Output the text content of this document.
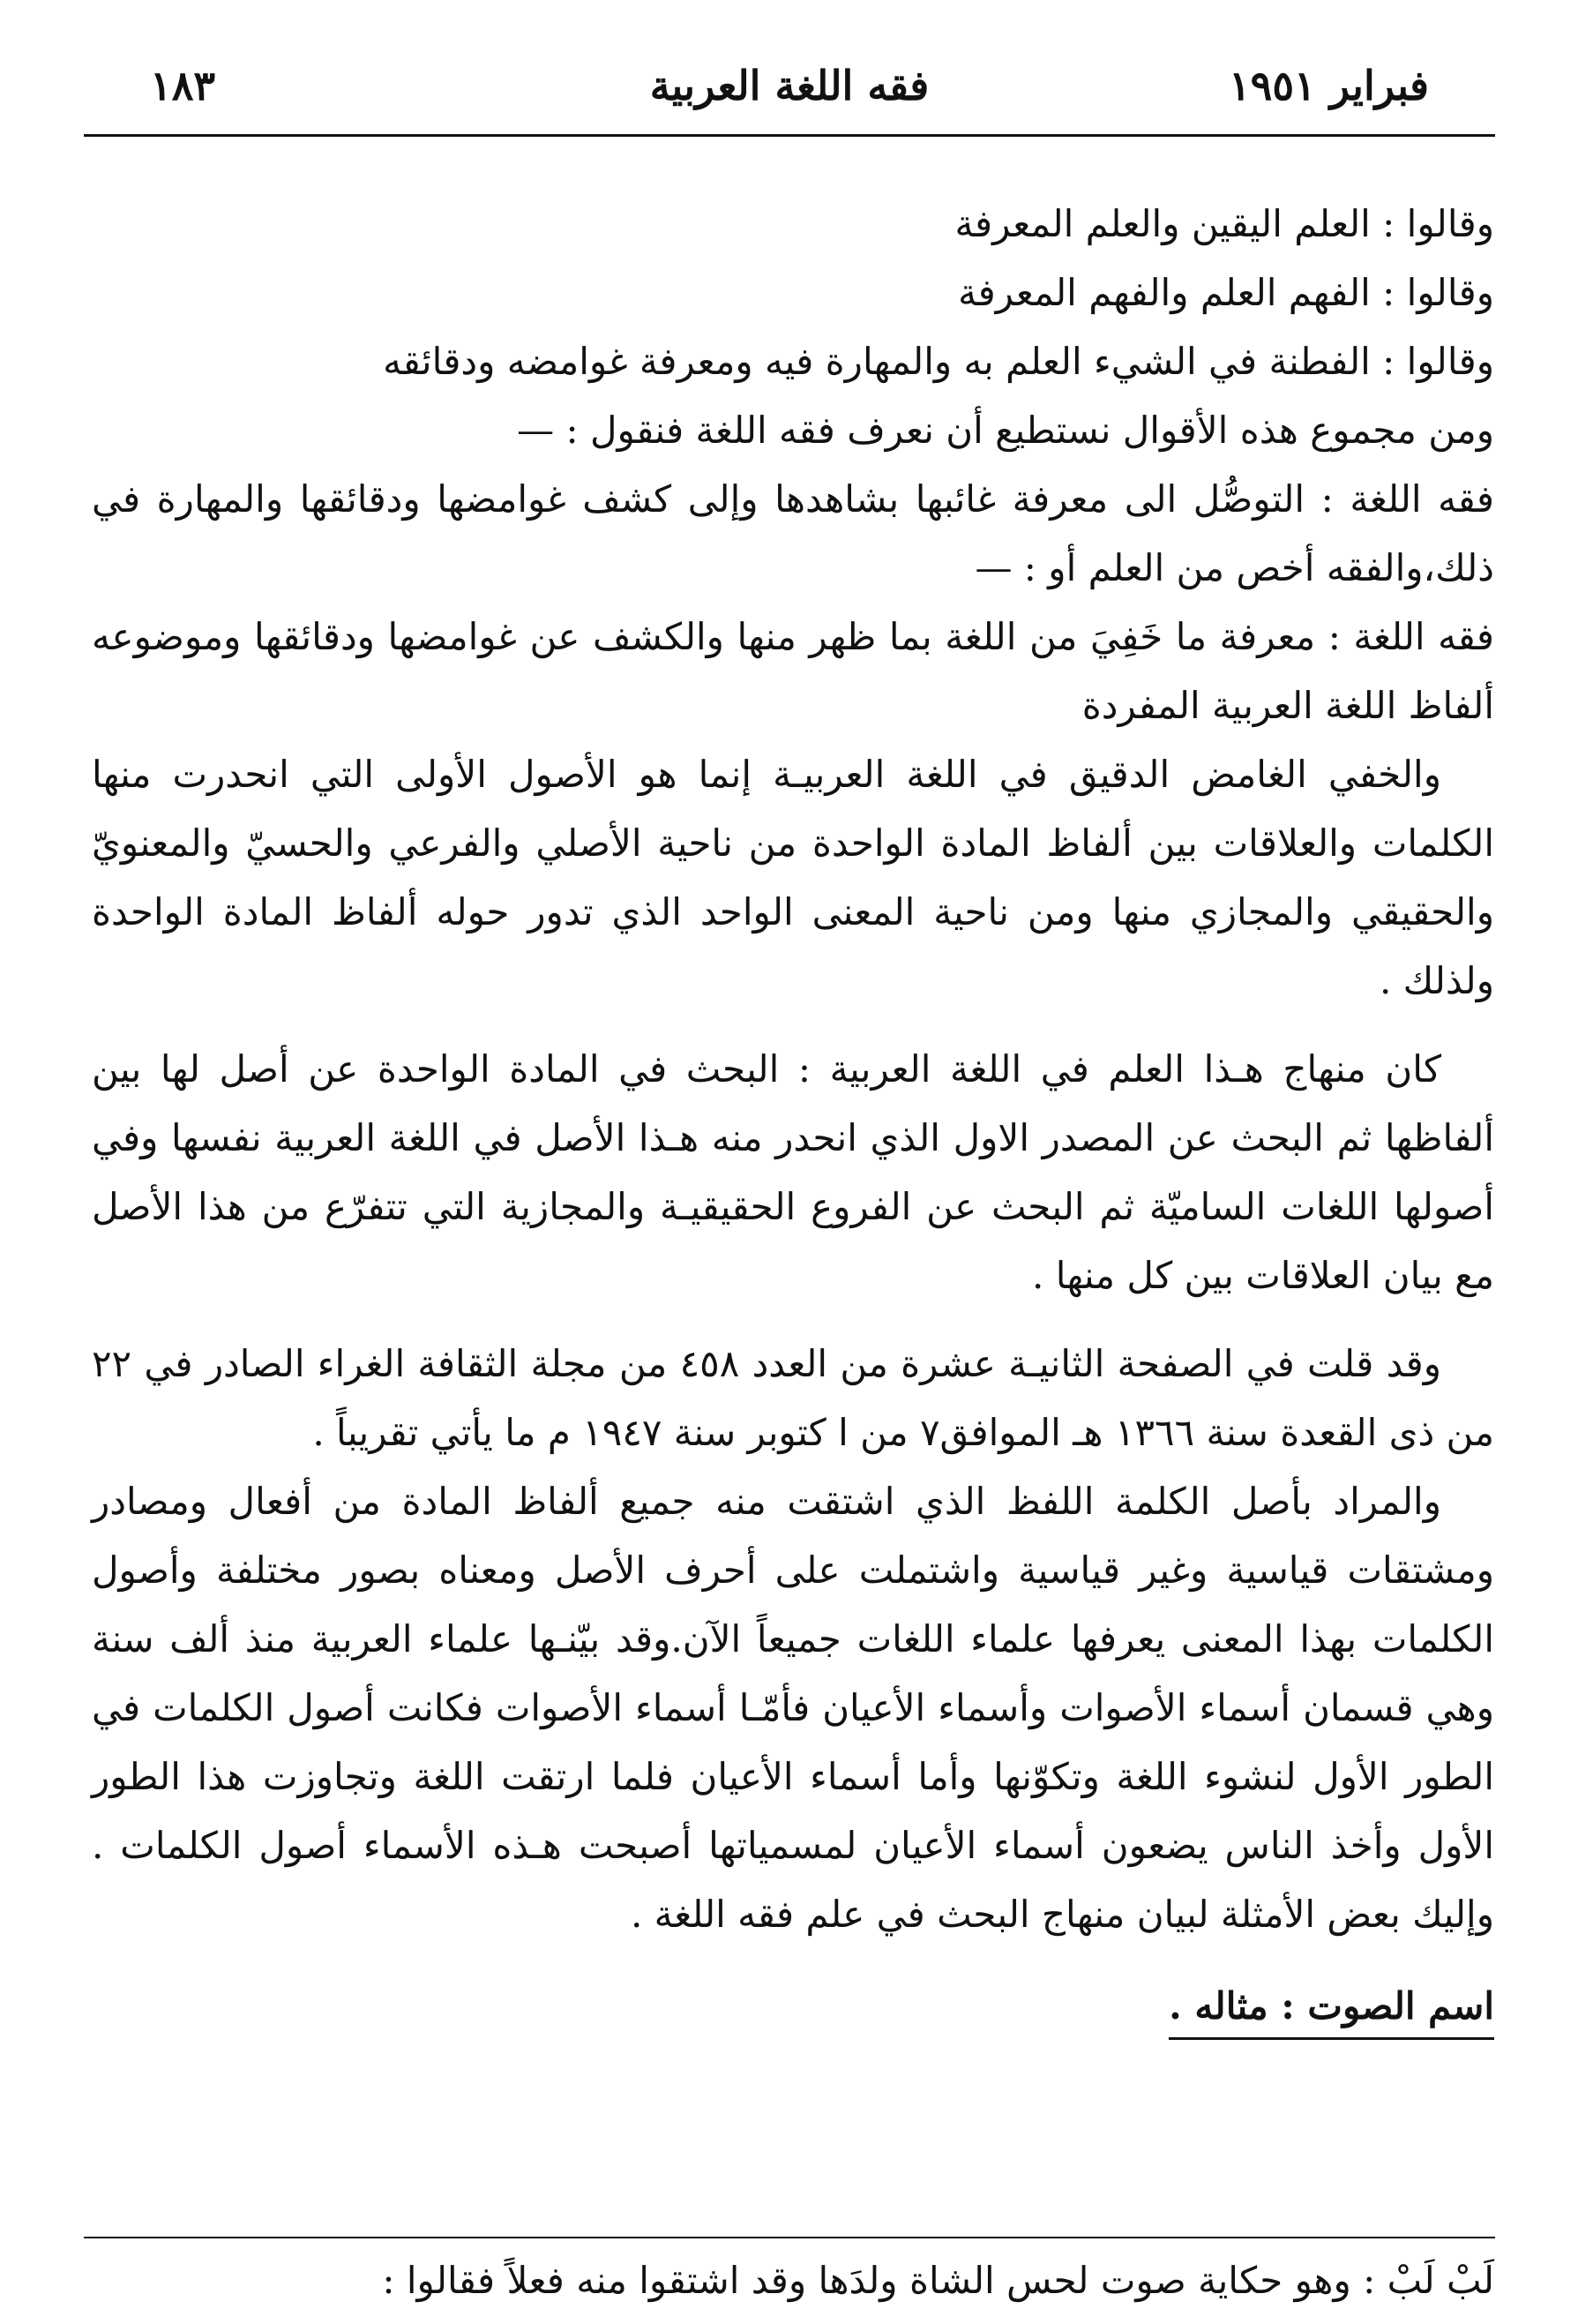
فبراير ١٩٥١
فقه اللغة العربية
١٨٣

وقالوا : العلم اليقين والعلم المعرفة

وقالوا : الفهم العلم والفهم المعرفة

وقالوا : الفطنة في الشيء العلم به والمهارة فيه ومعرفة غوامضه ودقائقه

ومن مجموع هذه الأقوال نستطيع أن نعرف فقه اللغة فنقول : —

فقه اللغة : التوصُّل الى معرفة غائبها بشاهدها وإلى كشف غوامضها ودقائقها والمهارة في ذلك،والفقه أخص من العلم أو : —

فقه اللغة : معرفة ما خَفِيَ من اللغة بما ظهر منها والكشف عن غوامضها ودقائقها وموضوعه ألفاظ اللغة العربية المفردة

والخفي الغامض الدقيق في اللغة العربيـة إنما هو الأصول الأولى التي انحدرت منها الكلمات والعلاقات بين ألفاظ المادة الواحدة من ناحية الأصلي والفرعي والحسيّ والمعنويّ والحقيقي والمجازي منها ومن ناحية المعنى الواحد الذي تدور حوله ألفاظ المادة الواحدة ولذلك .

كان منهاج هـذا العلم في اللغة العربية : البحث في المادة الواحدة عن أصل لها بين ألفاظها ثم البحث عن المصدر الاول الذي انحدر منه هـذا الأصل في اللغة العربية نفسها وفي أصولها اللغات الساميّة ثم البحث عن الفروع الحقيقيـة والمجازية التي تتفرّع من هذا الأصل مع بيان العلاقات بين كل منها .

وقد قلت في الصفحة الثانيـة عشرة من العدد ٤٥٨ من مجلة الثقافة الغراء الصادر في ٢٢ من ذى القعدة سنة ١٣٦٦ هـ الموافق٧ من ا كتوبر سنة ١٩٤٧ م ما يأتي تقريباً .

والمراد بأصل الكلمة اللفظ الذي اشتقت منه جميع ألفاظ المادة من أفعال ومصادر ومشتقات قياسية وغير قياسية واشتملت على أحرف الأصل ومعناه بصور مختلفة وأصول الكلمات بهذا المعنى يعرفها علماء اللغات جميعاً الآن.وقد بيّنـها علماء العربية منذ ألف سنة وهي قسمان أسماء الأصوات وأسماء الأعيان فأمّـا أسماء الأصوات فكانت أصول الكلمات في الطور الأول لنشوء اللغة وتكوّنها وأما أسماء الأعيان فلما ارتقت اللغة وتجاوزت هذا الطور الأول وأخذ الناس يضعون أسماء الأعيان لمسمياتها أصبحت هـذه الأسماء أصول الكلمات . وإليك بعض الأمثلة لبيان منهاج البحث في علم فقه اللغة .

اسم الصوت : مثاله .
لَبْ لَبْ : وهو حكاية صوت لحس الشاة ولدَها وقد اشتقوا منه فعلاً فقالوا :
